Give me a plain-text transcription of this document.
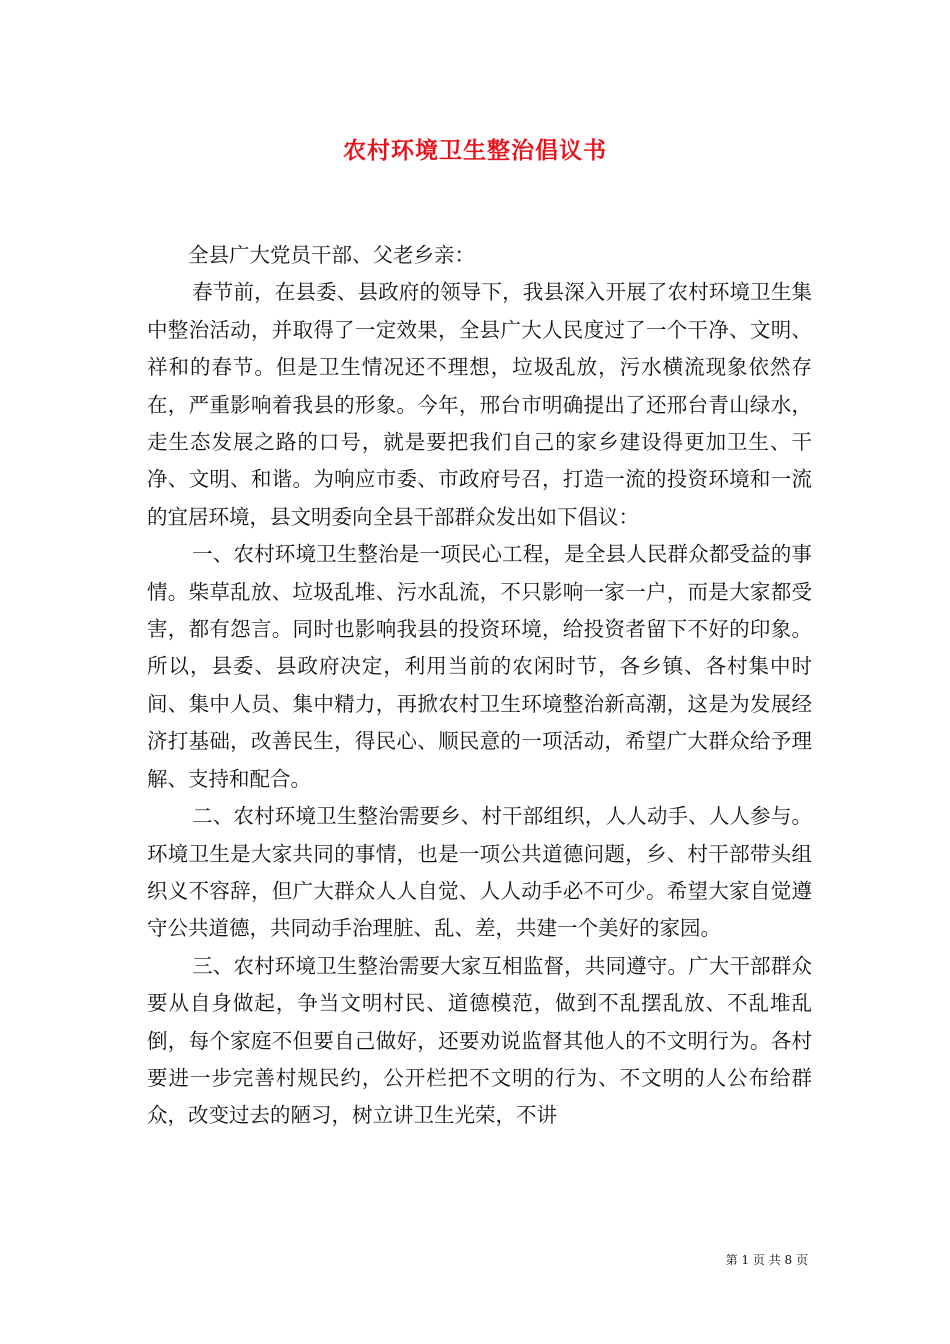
农村环境卫生整治倡议书

全县广大党员干部、父老乡亲：

春节前，在县委、县政府的领导下，我县深入开展了农村环境卫生集中整治活动，并取得了一定效果，全县广大人民度过了一个干净、文明、祥和的春节。但是卫生情况还不理想，垃圾乱放，污水横流现象依然存在，严重影响着我县的形象。今年，邢台市明确提出了还邢台青山绿水，走生态发展之路的口号，就是要把我们自己的家乡建设得更加卫生、干净、文明、和谐。为响应市委、市政府号召，打造一流的投资环境和一流的宜居环境，县文明委向全县干部群众发出如下倡议：

一、农村环境卫生整治是一项民心工程，是全县人民群众都受益的事情。柴草乱放、垃圾乱堆、污水乱流，不只影响一家一户，而是大家都受害，都有怨言。同时也影响我县的投资环境，给投资者留下不好的印象。所以，县委、县政府决定，利用当前的农闲时节，各乡镇、各村集中时间、集中人员、集中精力，再掀农村卫生环境整治新高潮，这是为发展经济打基础，改善民生，得民心、顺民意的一项活动，希望广大群众给予理解、支持和配合。

二、农村环境卫生整治需要乡、村干部组织，人人动手、人人参与。环境卫生是大家共同的事情，也是一项公共道德问题，乡、村干部带头组织义不容辞，但广大群众人人自觉、人人动手必不可少。希望大家自觉遵守公共道德，共同动手治理脏、乱、差，共建一个美好的家园。

三、农村环境卫生整治需要大家互相监督，共同遵守。广大干部群众要从自身做起，争当文明村民、道德模范，做到不乱摆乱放、不乱堆乱倒，每个家庭不但要自己做好，还要劝说监督其他人的不文明行为。各村要进一步完善村规民约，公开栏把不文明的行为、不文明的人公布给群众，改变过去的陋习，树立讲卫生光荣，不讲

第 1 页 共 8 页
